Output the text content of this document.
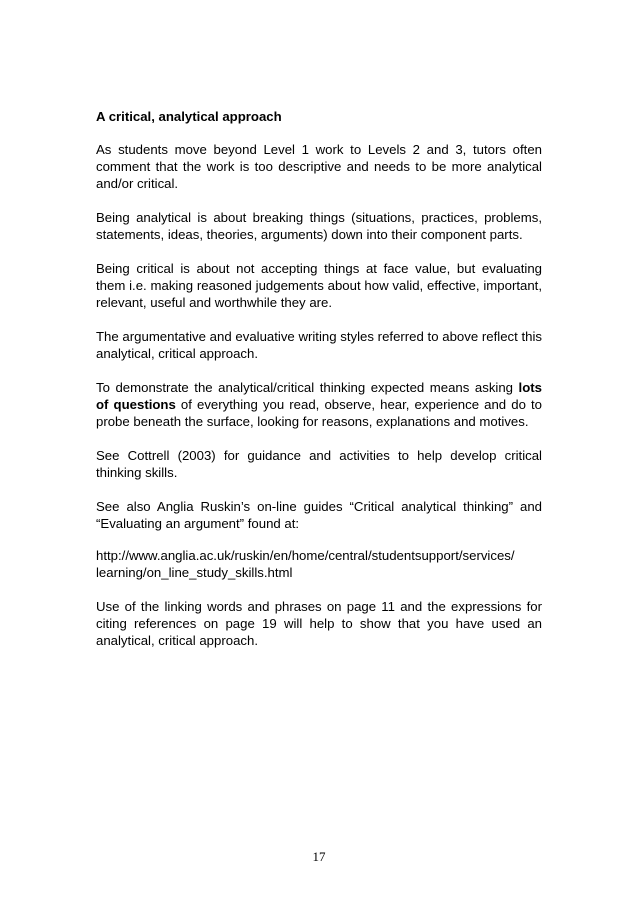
A critical, analytical approach
As students move beyond Level 1 work to Levels 2 and 3, tutors often comment that the work is too descriptive and needs to be more analytical and/or critical.
Being analytical is about breaking things (situations, practices, problems, statements, ideas, theories, arguments) down into their component parts.
Being critical is about not accepting things at face value, but evaluating them i.e. making reasoned judgements about how valid, effective, important, relevant, useful and worthwhile they are.
The argumentative and evaluative writing styles referred to above reflect this analytical, critical approach.
To demonstrate the analytical/critical thinking expected means asking lots of questions of everything you read, observe, hear, experience and do to probe beneath the surface, looking for reasons, explanations and motives.
See Cottrell (2003) for guidance and activities to help develop critical thinking skills.
See also Anglia Ruskin’s on-line guides “Critical analytical thinking” and “Evaluating an argument” found at:
http://www.anglia.ac.uk/ruskin/en/home/central/studentsupport/services/
learning/on_line_study_skills.html
Use of the linking words and phrases on page 11 and the expressions for citing references on page 19 will help to show that you have used an analytical, critical approach.
17
